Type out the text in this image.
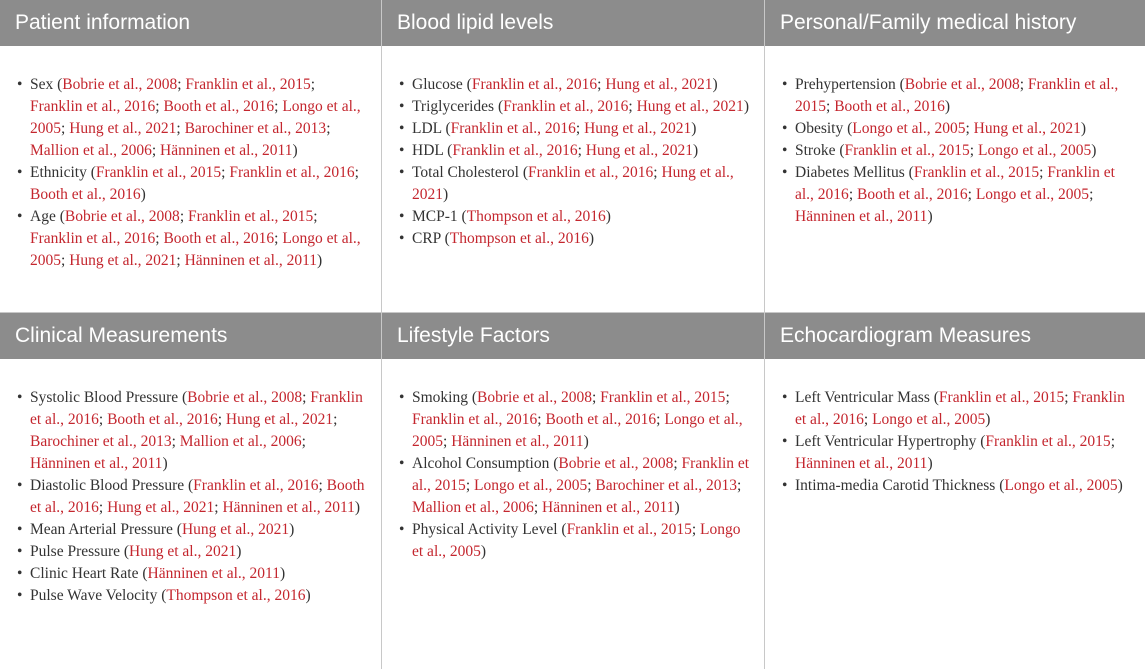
Patient information
• Sex (Bobrie et al., 2008; Franklin et al., 2015; Franklin et al., 2016; Booth et al., 2016; Longo et al., 2005; Hung et al., 2021; Barochiner et al., 2013; Mallion et al., 2006; Hänninen et al., 2011)
• Ethnicity (Franklin et al., 2015; Franklin et al., 2016; Booth et al., 2016)
• Age (Bobrie et al., 2008; Franklin et al., 2015; Franklin et al., 2016; Booth et al., 2016; Longo et al., 2005; Hung et al., 2021; Hänninen et al., 2011)
Blood lipid levels
• Glucose (Franklin et al., 2016; Hung et al., 2021)
• Triglycerides (Franklin et al., 2016; Hung et al., 2021)
• LDL (Franklin et al., 2016; Hung et al., 2021)
• HDL (Franklin et al., 2016; Hung et al., 2021)
• Total Cholesterol (Franklin et al., 2016; Hung et al., 2021)
• MCP-1 (Thompson et al., 2016)
• CRP (Thompson et al., 2016)
Personal/Family medical history
• Prehypertension (Bobrie et al., 2008; Franklin et al., 2015; Booth et al., 2016)
• Obesity (Longo et al., 2005; Hung et al., 2021)
• Stroke (Franklin et al., 2015; Longo et al., 2005)
• Diabetes Mellitus (Franklin et al., 2015; Franklin et al., 2016; Booth et al., 2016; Longo et al., 2005; Hänninen et al., 2011)
Clinical Measurements
• Systolic Blood Pressure (Bobrie et al., 2008; Franklin et al., 2016; Booth et al., 2016; Hung et al., 2021; Barochiner et al., 2013; Mallion et al., 2006; Hänninen et al., 2011)
• Diastolic Blood Pressure (Franklin et al., 2016; Booth et al., 2016; Hung et al., 2021; Hänninen et al., 2011)
• Mean Arterial Pressure (Hung et al., 2021)
• Pulse Pressure (Hung et al., 2021)
• Clinic Heart Rate (Hänninen et al., 2011)
• Pulse Wave Velocity (Thompson et al., 2016)
Lifestyle Factors
• Smoking (Bobrie et al., 2008; Franklin et al., 2015; Franklin et al., 2016; Booth et al., 2016; Longo et al., 2005; Hänninen et al., 2011)
• Alcohol Consumption (Bobrie et al., 2008; Franklin et al., 2015; Longo et al., 2005; Barochiner et al., 2013; Mallion et al., 2006; Hänninen et al., 2011)
• Physical Activity Level (Franklin et al., 2015; Longo et al., 2005)
Echocardiogram Measures
• Left Ventricular Mass (Franklin et al., 2015; Franklin et al., 2016; Longo et al., 2005)
• Left Ventricular Hypertrophy (Franklin et al., 2015; Hänninen et al., 2011)
• Intima-media Carotid Thickness (Longo et al., 2005)
